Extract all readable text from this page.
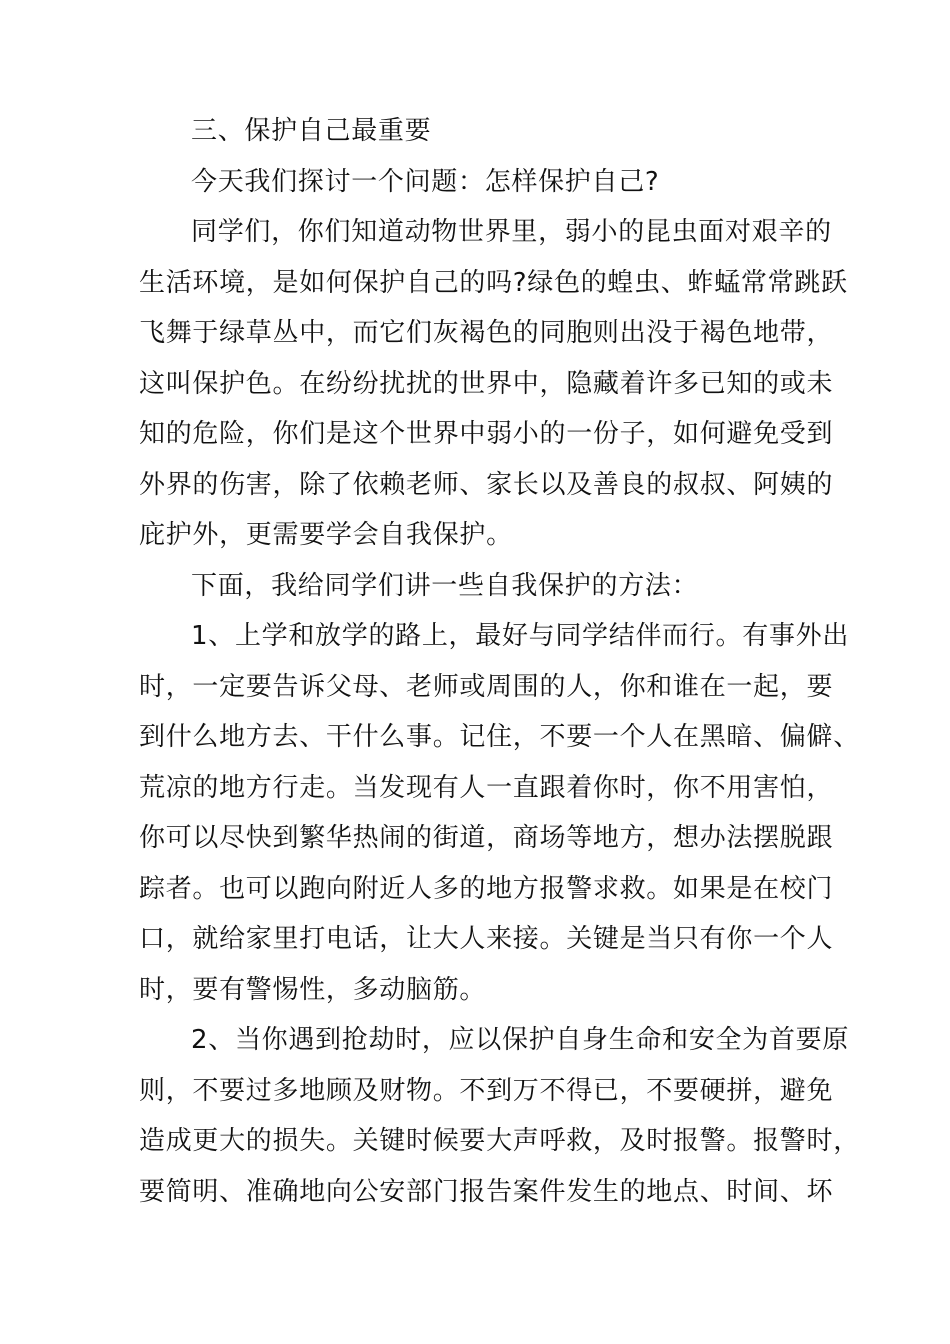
三、保护自己最重要
今天我们探讨一个问题：怎样保护自己?
同学们，你们知道动物世界里，弱小的昆虫面对艰辛的
生活环境，是如何保护自己的吗?绿色的蝗虫、蚱蜢常常跳跃
飞舞于绿草丛中，而它们灰褐色的同胞则出没于褐色地带，
这叫保护色。在纷纷扰扰的世界中，隐藏着许多已知的或未
知的危险，你们是这个世界中弱小的一份子，如何避免受到
外界的伤害，除了依赖老师、家长以及善良的叔叔、阿姨的
庇护外，更需要学会自我保护。
下面，我给同学们讲一些自我保护的方法：
1、上学和放学的路上，最好与同学结伴而行。有事外出
时，一定要告诉父母、老师或周围的人，你和谁在一起，要
到什么地方去、干什么事。记住，不要一个人在黑暗、偏僻、
荒凉的地方行走。当发现有人一直跟着你时，你不用害怕，
你可以尽快到繁华热闹的街道，商场等地方，想办法摆脱跟
踪者。也可以跑向附近人多的地方报警求救。如果是在校门
口，就给家里打电话，让大人来接。关键是当只有你一个人
时，要有警惕性，多动脑筋。
2、当你遇到抢劫时，应以保护自身生命和安全为首要原
则，不要过多地顾及财物。不到万不得已，不要硬拼，避免
造成更大的损失。关键时候要大声呼救，及时报警。报警时，
要简明、准确地向公安部门报告案件发生的地点、时间、坏
